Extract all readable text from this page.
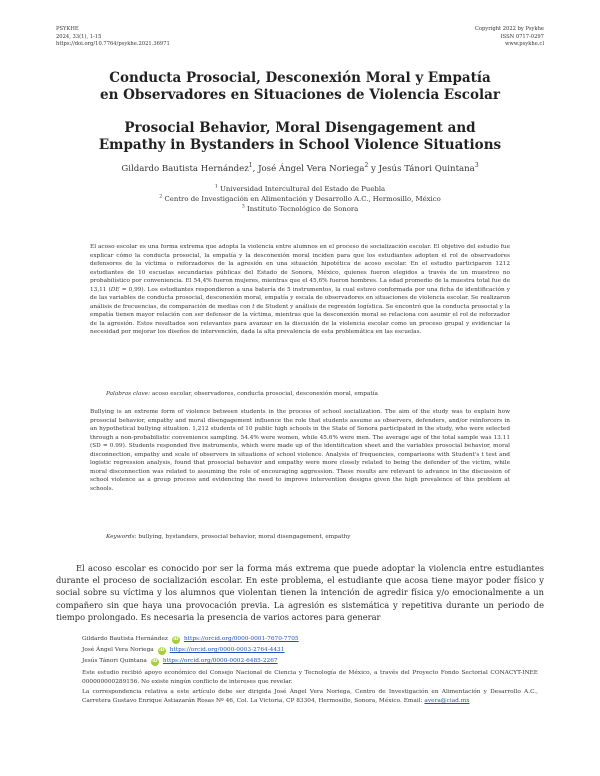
PSYKHE
2024, 33(1), 1-15
https://doi.org/10.7764/psykhe.2021.36971
Copyright 2022 by Psykhe
ISSN 0717-0297
www.psykhe.cl
Conducta Prosocial, Desconexión Moral y Empatía
en Observadores en Situaciones de Violencia Escolar
Prosocial Behavior, Moral Disengagement and
Empathy in Bystanders in School Violence Situations
Gildardo Bautista Hernández$^1$, José Ángel Vera Noriega$^2$ y Jesús Tánori Quintana$^3$
$^1$ Universidad Intercultural del Estado de Puebla
$^2$ Centro de Investigación en Alimentación y Desarrollo A.C., Hermosillo, México
$^3$ Instituto Tecnológico de Sonora
El acoso escolar es una forma extrema que adopta la violencia entre alumnos en el proceso de socialización escolar. El objetivo del estudio fue explicar cómo la conducta prosocial, la empatía y la desconexión moral inciden para que los estudiantes adopten el rol de observadores defensores de la víctima o reforzadores de la agresión en una situación hipotética de acoso escolar. En el estudio participaron 1212 estudiantes de 10 escuelas secundarias públicas del Estado de Sonora, México, quienes fueron elegidos a través de un muestreo no probabilístico por conveniencia. El 54,4% fueron mujeres, mientras que el 45,6% fueron hombres. La edad promedio de la muestra total fue de 13,11 (DE = 0,99). Los estudiantes respondieron a una batería de 5 instrumentos, la cual estuvo conformada por una ficha de identificación y de las variables de conducta prosocial, desconexión moral, empatía y escala de observadores en situaciones de violencia escolar. Se realizaron análisis de frecuencias, de comparación de medias con t de Student y análisis de regresión logística. Se encontró que la conducta prosocial y la empatía tienen mayor relación con ser defensor de la víctima, mientras que la desconexión moral se relaciona con asumir el rol de reforzador de la agresión. Estos resultados son relevantes para avanzar en la discusión de la violencia escolar como un proceso grupal y evidenciar la necesidad por mejorar los diseños de intervención, dada la alta prevalencia de esta problemática en las escuelas.
Palabras clave: acoso escolar, observadores, conducta prosocial, desconexión moral, empatía
Bullying is an extreme form of violence between students in the process of school socialization. The aim of the study was to explain how prosocial behavior, empathy and moral disengagement influence the role that students assume as observers, defenders, and/or reinforcers in an hypothetical bullying situation. 1,212 students of 10 public high schools in the State of Sonora participated in the study, who were selected through a non-probabilistic convenience sampling. 54.4% were women, while 45.6% were men. The average age of the total sample was 13.11 (SD = 0.99). Students responded five instruments, which were made up of the identification sheet and the variables prosocial behavior, moral disconnection, empathy and scale of observers in situations of school violence. Analysis of frequencies, comparisons with Student's t test and logistic regression analysis, found that prosocial behavior and empathy were more closely related to being the defender of the victim, while moral disconnection was related to assuming the role of encouraging aggression. These results are relevant to advance in the discussion of school violence as a group process and evidencing the need to improve intervention designs given the high prevalence of this problem at schools.
Keywords: bullying, bystanders, prosocial behavior, moral disengagement, empathy

El acoso escolar es conocido por ser la forma más extrema que puede adoptar la violencia entre estudiantes durante el proceso de socialización escolar. En este problema, el estudiante que acosa tiene mayor poder físico y social sobre su víctima y los alumnos que violentan tienen la intención de agredir física y/o emocionalmente a un compañero sin que haya una provocación previa. La agresión es sistemática y repetitiva durante un periodo de tiempo prolongado. Es necesaria la presencia de varios actores para generar

Gildardo Bautista Hernández iD https://orcid.org/0000-0001-7670-7705
José Ángel Vera Noriega iD https://orcid.org/0000-0003-2764-4431
Jesús Tánori Quintana iD https://orcid.org/0000-0002-6485-2267
Este estudio recibió apoyo económico del Consejo Nacional de Ciencia y Tecnología de México, a través del Proyecto Fondo Sectorial CONACYT-INEE 000000000289156. No existe ningún conflicto de intereses que revelar.
La correspondencia relativa a este artículo debe ser dirigida José Ángel Vera Noriega, Centro de Investigación en Alimentación y Desarrollo A.C., Carretera Gustavo Enrique Astiazarán Rosas Nº 46, Col. La Victoria, CP 83304, Hermosillo, Sonora, México. Email: avera@ciad.mx
